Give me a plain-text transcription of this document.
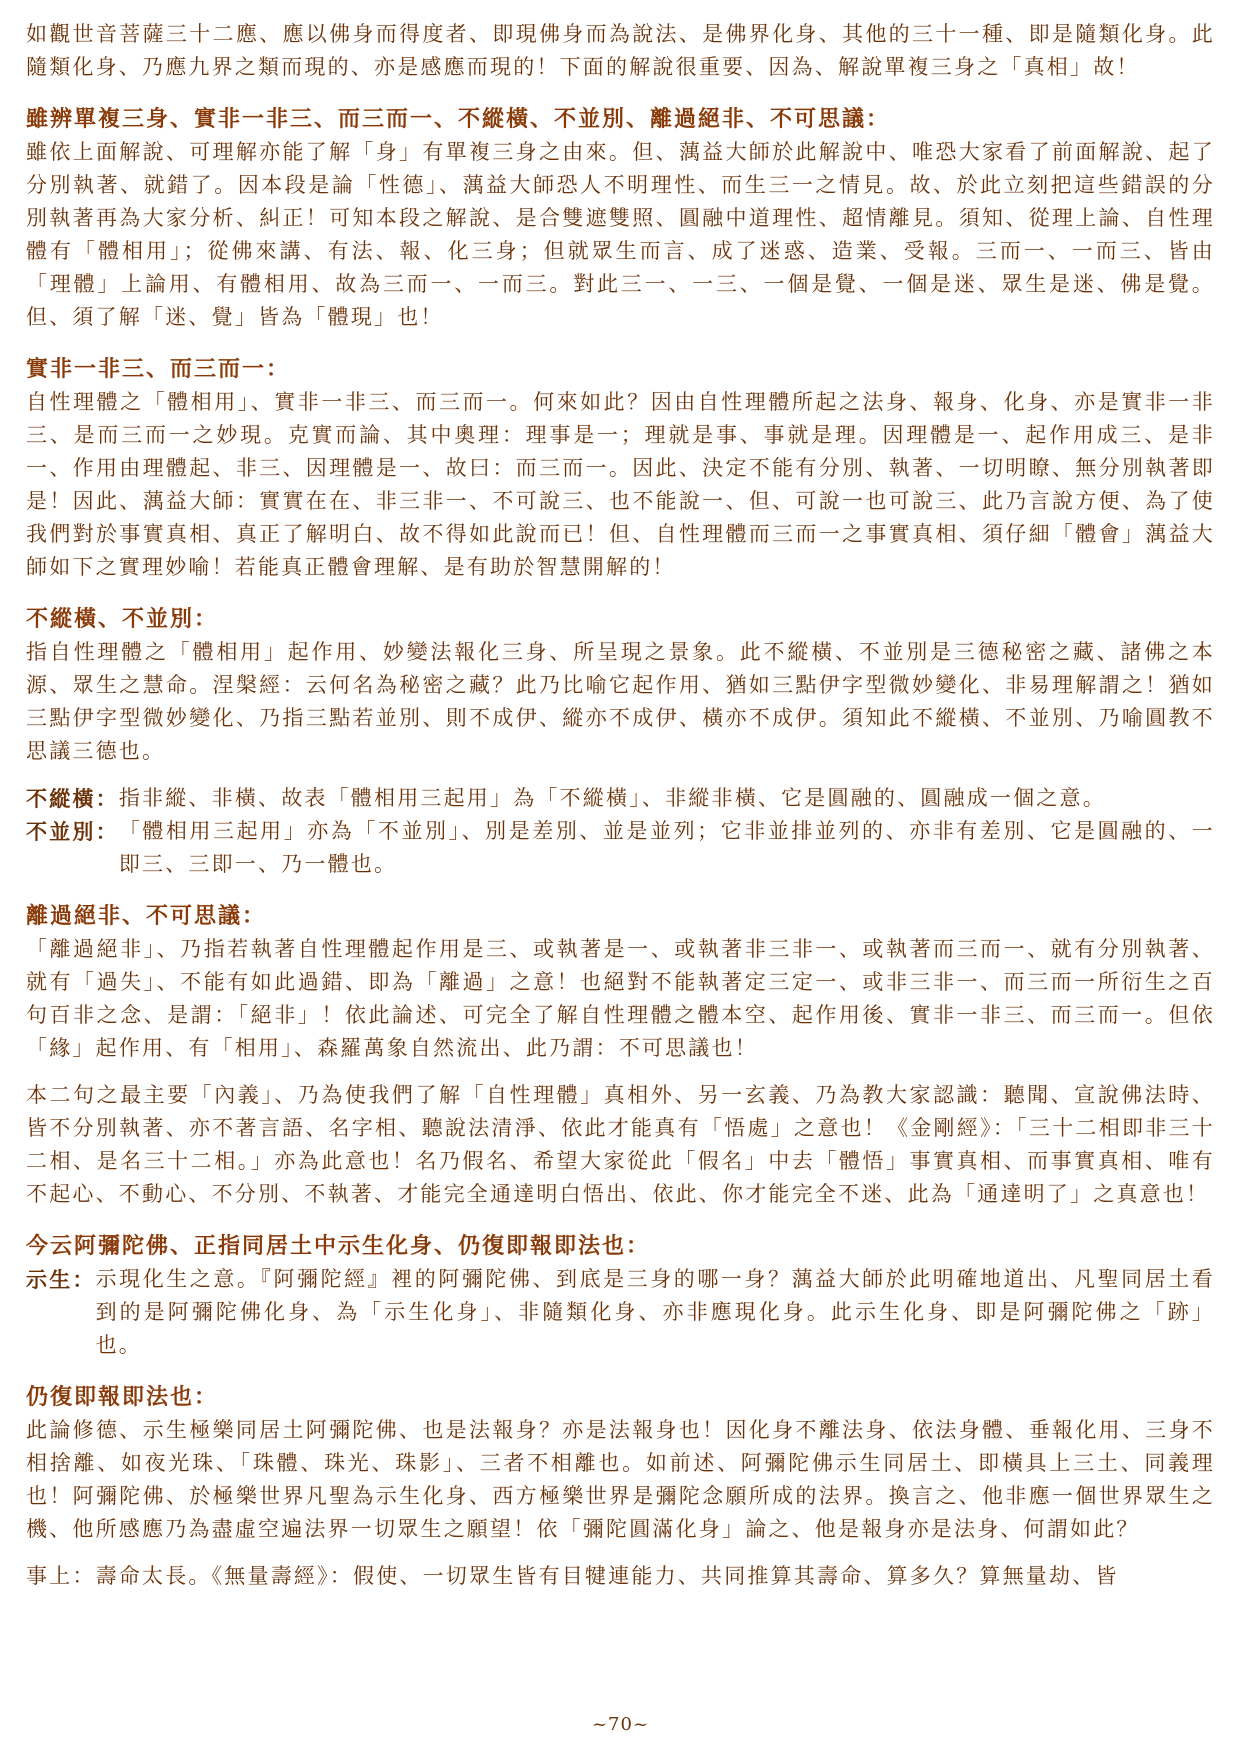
如觀世音菩薩三十二應、應以佛身而得度者、即現佛身而為說法、是佛界化身、其他的三十一種、即是隨類化身。此隨類化身、乃應九界之類而現的、亦是感應而現的！下面的解說很重要、因為、解說單複三身之「真相」故！

雖辨單複三身、實非一非三、而三而一、不縱橫、不並別、離過絕非、不可思議：

雖依上面解說、可理解亦能了解「身」有單複三身之由來。但、蕅益大師於此解說中、唯恐大家看了前面解說、起了分別執著、就錯了。因本段是論「性德」、蕅益大師恐人不明理性、而生三一之情見。故、於此立刻把這些錯誤的分別執著再為大家分析、糾正！可知本段之解說、是合雙遮雙照、圓融中道理性、超情離見。須知、從理上論、自性理體有「體相用」；從佛來講、有法、報、化三身；但就眾生而言、成了迷惑、造業、受報。三而一、一而三、皆由「理體」上論用、有體相用、故為三而一、一而三。對此三一、一三、一個是覺、一個是迷、眾生是迷、佛是覺。但、須了解「迷、覺」皆為「體現」也！

實非一非三、而三而一：

自性理體之「體相用」、實非一非三、而三而一。何來如此？因由自性理體所起之法身、報身、化身、亦是實非一非三、是而三而一之妙現。克實而論、其中奧理：理事是一；理就是事、事就是理。因理體是一、起作用成三、是非一、作用由理體起、非三、因理體是一、故曰：而三而一。因此、決定不能有分別、執著、一切明瞭、無分別執著即是！因此、蕅益大師：實實在在、非三非一、不可說三、也不能說一、但、可說一也可說三、此乃言說方便、為了使我們對於事實真相、真正了解明白、故不得如此說而已！但、自性理體而三而一之事實真相、須仔細「體會」蕅益大師如下之實理妙喻！若能真正體會理解、是有助於智慧開解的！

不縱橫、不並別：

指自性理體之「體相用」起作用、妙變法報化三身、所呈現之景象。此不縱橫、不並別是三德秘密之藏、諸佛之本源、眾生之慧命。涅槃經：云何名為秘密之藏？此乃比喻它起作用、猶如三點伊字型微妙變化、非易理解謂之！猶如三點伊字型微妙變化、乃指三點若並別、則不成伊、縱亦不成伊、橫亦不成伊。須知此不縱橫、不並別、乃喻圓教不思議三德也。

不縱橫： 指非縱、非橫、故表「體相用三起用」為「不縱橫」、非縱非橫、它是圓融的、圓融成一個之意。
不並別： 「體相用三起用」亦為「不並別」、別是差別、並是並列；它非並排並列的、亦非有差別、它是圓融的、一即三、三即一、乃一體也。

離過絕非、不可思議：

「離過絕非」、乃指若執著自性理體起作用是三、或執著是一、或執著非三非一、或執著而三而一、就有分別執著、就有「過失」、不能有如此過錯、即為「離過」之意！也絕對不能執著定三定一、或非三非一、而三而一所衍生之百句百非之念、是謂：「絕非」！依此論述、可完全了解自性理體之體本空、起作用後、實非一非三、而三而一。但依「緣」起作用、有「相用」、森羅萬象自然流出、此乃謂：不可思議也！

本二句之最主要「內義」、乃為使我們了解「自性理體」真相外、另一玄義、乃為教大家認識：聽聞、宣說佛法時、皆不分別執著、亦不著言語、名字相、聽說法清淨、依此才能真有「悟處」之意也！《金剛經》：「三十二相即非三十二相、是名三十二相。」亦為此意也！名乃假名、希望大家從此「假名」中去「體悟」事實真相、而事實真相、唯有不起心、不動心、不分別、不執著、才能完全通達明白悟出、依此、你才能完全不迷、此為「通達明了」之真意也！

今云阿彌陀佛、正指同居土中示生化身、仍復即報即法也：

示生： 示現化生之意。『阿彌陀經』裡的阿彌陀佛、到底是三身的哪一身？蕅益大師於此明確地道出、凡聖同居土看到的是阿彌陀佛化身、為「示生化身」、非隨類化身、亦非應現化身。此示生化身、即是阿彌陀佛之「跡」也。

仍復即報即法也：

此論修德、示生極樂同居土阿彌陀佛、也是法報身？亦是法報身也！因化身不離法身、依法身體、垂報化用、三身不相捨離、如夜光珠、「珠體、珠光、珠影」、三者不相離也。如前述、阿彌陀佛示生同居土、即橫具上三土、同義理也！阿彌陀佛、於極樂世界凡聖為示生化身、西方極樂世界是彌陀念願所成的法界。換言之、他非應一個世界眾生之機、他所感應乃為盡虛空遍法界一切眾生之願望！依「彌陀圓滿化身」論之、他是報身亦是法身、何謂如此？

事上：壽命太長。《無量壽經》：假使、一切眾生皆有目犍連能力、共同推算其壽命、算多久？算無量劫、皆

~70~
